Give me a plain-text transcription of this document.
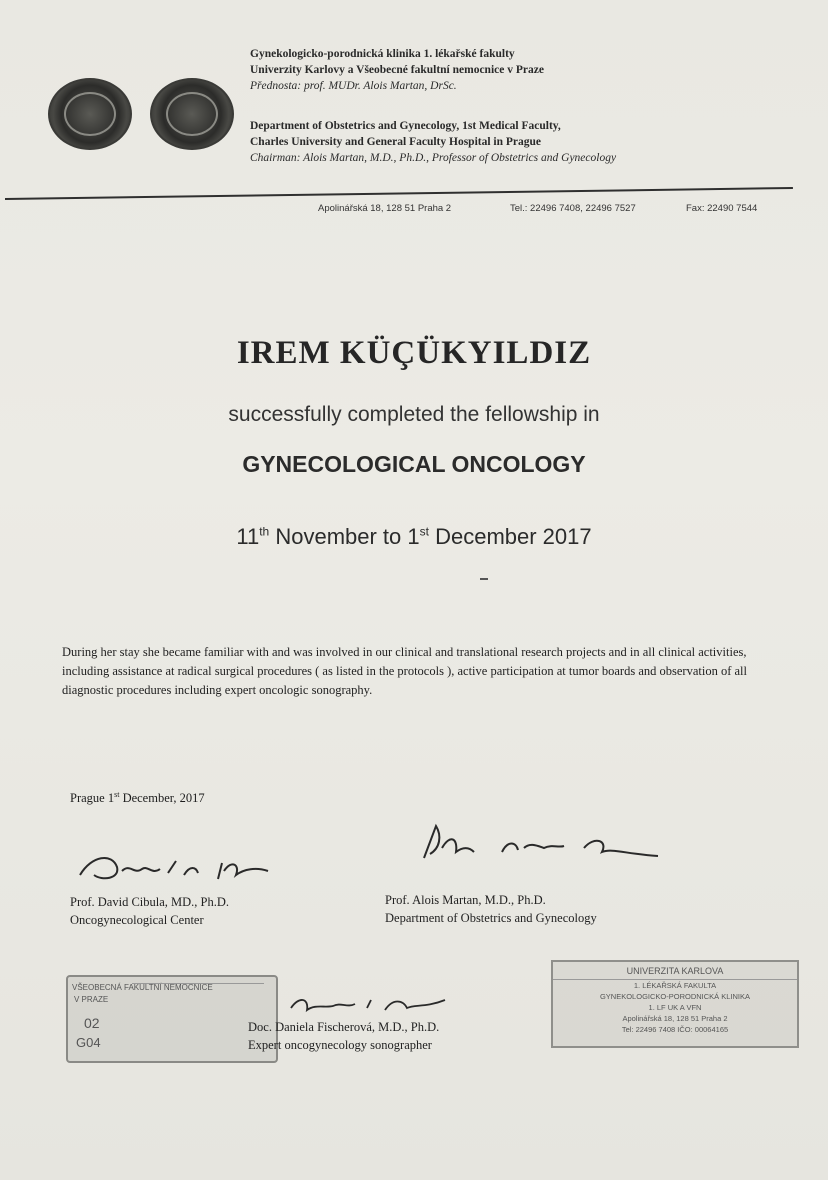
Gynekologicko-porodnická klinika 1. lékařské fakulty
Univerzity Karlovy a Všeobecné fakultní nemocnice v Praze
Přednosta: prof. MUDr. Alois Martan, DrSc.
Department of Obstetrics and Gynecology, 1st Medical Faculty,
Charles University and General Faculty Hospital in Prague
Chairman: Alois Martan, M.D., Ph.D., Professor of Obstetrics and Gynecology
Apolinářská 18, 128 51 Praha 2	Tel.: 22496 7408, 22496 7527	Fax: 22490 7544
IREM KÜÇÜKYILDIZ
successfully completed the fellowship in
GYNECOLOGICAL ONCOLOGY
11th November to 1st December 2017
During her stay she became familiar with and was involved in our clinical and translational research projects and in all clinical activities, including assistance at radical surgical procedures ( as listed in the protocols ), active participation at tumor boards and observation of all diagnostic procedures including expert oncologic sonography.
Prague 1st December, 2017
Prof. David Cibula, MD., Ph.D.
Oncogynecological Center
Prof. Alois Martan, M.D., Ph.D.
Department of Obstetrics and Gynecology
VŠEOBECNÁ FAKULTNÍ NEMOCNICE
V PRAZE
02
G04
Doc. Daniela Fischerová, M.D., Ph.D.
Expert oncogynecology sonographer
UNIVERZITA KARLOVA
1. LÉKAŘSKÁ FAKULTA
GYNEKOLOGICKO-PORODNICKÁ KLINIKA
1. LF UK A VFN
Apolinářská 18, 128 51 Praha 2
Tel: 22496 7408 IČO: 00064165
